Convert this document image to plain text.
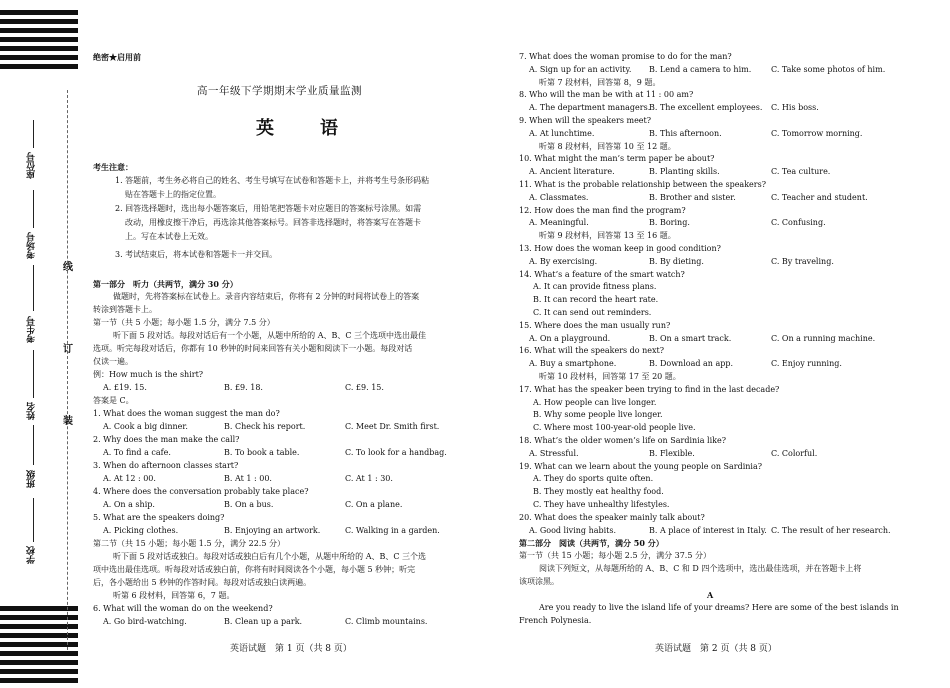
座位号
考场号
考生号
姓名
班级
学校
线
订
装
绝密★启用前
高一年级下学期期末学业质量监测
英　语
考生注意：
1. 答题前，考生务必将自己的姓名、考生号填写在试卷和答题卡上，并将考生号条形码粘
贴在答题卡上的指定位置。
2. 回答选择题时，选出每小题答案后，用铅笔把答题卡对应题目的答案标号涂黑。如需
改动，用橡皮擦干净后，再选涂其他答案标号。回答非选择题时，将答案写在答题卡
上。写在本试卷上无效。
3. 考试结束后，将本试卷和答题卡一并交回。
第一部分　听力（共两节，满分 30 分）
做题时，先将答案标在试卷上。录音内容结束后，你将有 2 分钟的时间将试卷上的答案
转涂到答题卡上。
第一节（共 5 小题；每小题 1.5 分，满分 7.5 分）
听下面 5 段对话。每段对话后有一个小题，从题中所给的 A、B、C 三个选项中选出最佳
选项。听完每段对话后，你都有 10 秒钟的时间来回答有关小题和阅读下一小题。每段对话
仅读一遍。
例：How much is the shirt?
A. £19. 15.	B. £9. 18.	C. £9. 15.
答案是 C。
1. What does the woman suggest the man do?
A. Cook a big dinner.	B. Check his report.	C. Meet Dr. Smith first.
2. Why does the man make the call?
A. To find a cafe.	B. To book a table.	C. To look for a handbag.
3. When do afternoon classes start?
A. At 12 : 00.	B. At 1 : 00.	C. At 1 : 30.
4. Where does the conversation probably take place?
A. On a ship.	B. On a bus.	C. On a plane.
5. What are the speakers doing?
A. Picking clothes.	B. Enjoying an artwork.	C. Walking in a garden.
第二节（共 15 小题；每小题 1.5 分，满分 22.5 分）
听下面 5 段对话或独白。每段对话或独白后有几个小题，从题中所给的 A、B、C 三个选
项中选出最佳选项。听每段对话或独白前，你将有时间阅读各个小题，每小题 5 秒钟；听完
后，各小题给出 5 秒钟的作答时间。每段对话或独白读两遍。
听第 6 段材料，回答第 6，7 题。
6. What will the woman do on the weekend?
A. Go bird-watching.	B. Clean up a park.	C. Climb mountains.
英语试题　第 1 页（共 8 页）
7. What does the woman promise to do for the man?
A. Sign up for an activity. B. Lend a camera to him. C. Take some photos of him.
听第 7 段材料，回答第 8，9 题。
8. Who will the man be with at 11 : 00 am?
A. The department managers.
B. The excellent employees. C. His boss.
9. When will the speakers meet?
A. At lunchtime.	B. This afternoon.	C. Tomorrow morning.
听第 8 段材料，回答第 10 至 12 题。
10. What might the man’s term paper be about?
A. Ancient literature.	B. Planting skills.	C. Tea culture.
11. What is the probable relationship between the speakers?
A. Classmates.	B. Brother and sister.	C. Teacher and student.
12. How does the man find the program?
A. Meaningful.	B. Boring.	C. Confusing.
听第 9 段材料，回答第 13 至 16 题。
13. How does the woman keep in good condition?
A. By exercising.	B. By dieting.	C. By traveling.
14. What’s a feature of the smart watch?
A. It can provide fitness plans.
B. It can record the heart rate.
C. It can send out reminders.
15. Where does the man usually run?
A. On a playground.	B. On a smart track.	C. On a running machine.
16. What will the speakers do next?
A. Buy a smartphone.	B. Download an app.	C. Enjoy running.
听第 10 段材料，回答第 17 至 20 题。
17. What has the speaker been trying to find in the last decade?
A. How people can live longer.
B. Why some people live longer.
C. Where most 100-year-old people live.
18. What’s the older women’s life on Sardinia like?
A. Stressful.	B. Flexible.	C. Colorful.
19. What can we learn about the young people on Sardinia?
A. They do sports quite often.
B. They mostly eat healthy food.
C. They have unhealthy lifestyles.
20. What does the speaker mainly talk about?
A. Good living habits.	B. A place of interest in Italy. C. The result of her research.
第二部分　阅读（共两节，满分 50 分）
第一节（共 15 小题；每小题 2.5 分，满分 37.5 分）
阅读下列短文，从每题所给的 A、B、C 和 D 四个选项中，选出最佳选项，并在答题卡上将
该项涂黑。
A
Are you ready to live the island life of your dreams? Here are some of the best islands in
French Polynesia.
英语试题　第 2 页（共 8 页）
